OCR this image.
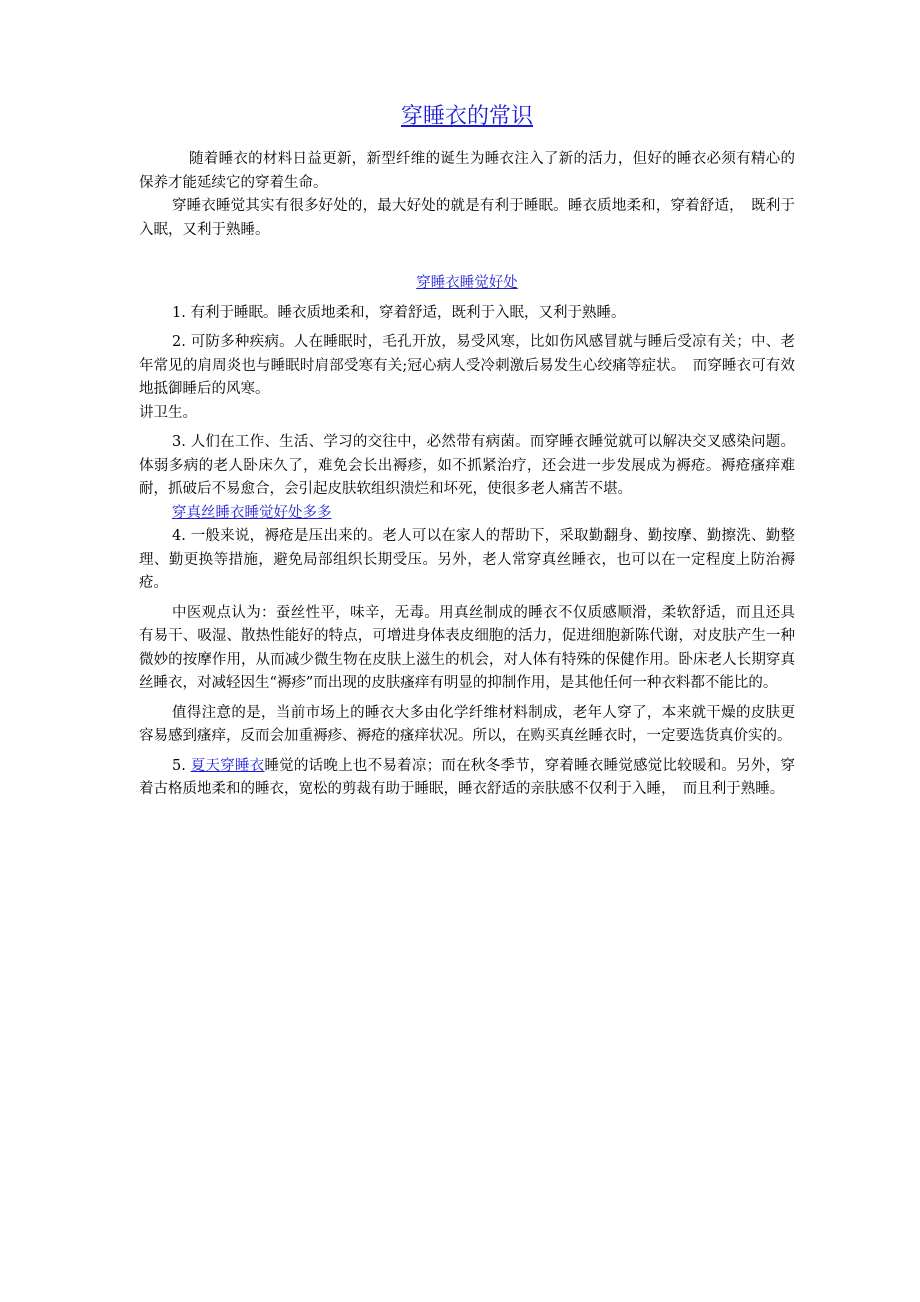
穿睡衣的常识

随着睡衣的材料日益更新，新型纤维的诞生为睡衣注入了新的活力，但好的睡衣必须有精心的保养才能延续它的穿着生命。

穿睡衣睡觉其实有很多好处的，最大好处的就是有利于睡眠。睡衣质地柔和，穿着舒适，　既利于入眠，又利于熟睡。

穿睡衣睡觉好处

1. 有利于睡眠。睡衣质地柔和，穿着舒适，既利于入眠，又利于熟睡。

2. 可防多种疾病。人在睡眠时，毛孔开放，易受风寒，比如伤风感冒就与睡后受凉有关；中、老年常见的肩周炎也与睡眠时肩部受寒有关;冠心病人受冷刺激后易发生心绞痛等症状。　而穿睡衣可有效地抵御睡后的风寒。

讲卫生。

3. 人们在工作、生活、学习的交往中，必然带有病菌。而穿睡衣睡觉就可以解决交叉感染问题。体弱多病的老人卧床久了，难免会长出褥疹，如不抓紧治疗，还会进一步发展成为褥疮。褥疮瘙痒难耐，抓破后不易愈合，会引起皮肤软组织溃烂和坏死，使很多老人痛苦不堪。

穿真丝睡衣睡觉好处多多

4. 一般来说，褥疮是压出来的。老人可以在家人的帮助下，采取勤翻身、勤按摩、勤擦洗、勤整理、勤更换等措施，避免局部组织长期受压。另外，老人常穿真丝睡衣，也可以在一定程度上防治褥疮。

中医观点认为：蚕丝性平，味辛，无毒。用真丝制成的睡衣不仅质感顺滑，柔软舒适，而且还具有易干、吸湿、散热性能好的特点，可增进身体表皮细胞的活力，促进细胞新陈代谢，对皮肤产生一种微妙的按摩作用，从而减少微生物在皮肤上滋生的机会，对人体有特殊的保健作用。卧床老人长期穿真丝睡衣，对减轻因生“褥疹”而出现的皮肤瘙痒有明显的抑制作用，是其他任何一种衣料都不能比的。

值得注意的是，当前市场上的睡衣大多由化学纤维材料制成，老年人穿了，本来就干燥的皮肤更容易感到瘙痒，反而会加重褥疹、褥疮的瘙痒状况。所以，在购买真丝睡衣时，一定要选货真价实的。

5. 夏天穿睡衣睡觉的话晚上也不易着凉；而在秋冬季节，穿着睡衣睡觉感觉比较暖和。另外，穿着古格质地柔和的睡衣，宽松的剪裁有助于睡眠，睡衣舒适的亲肤感不仅利于入睡，　而且利于熟睡。
